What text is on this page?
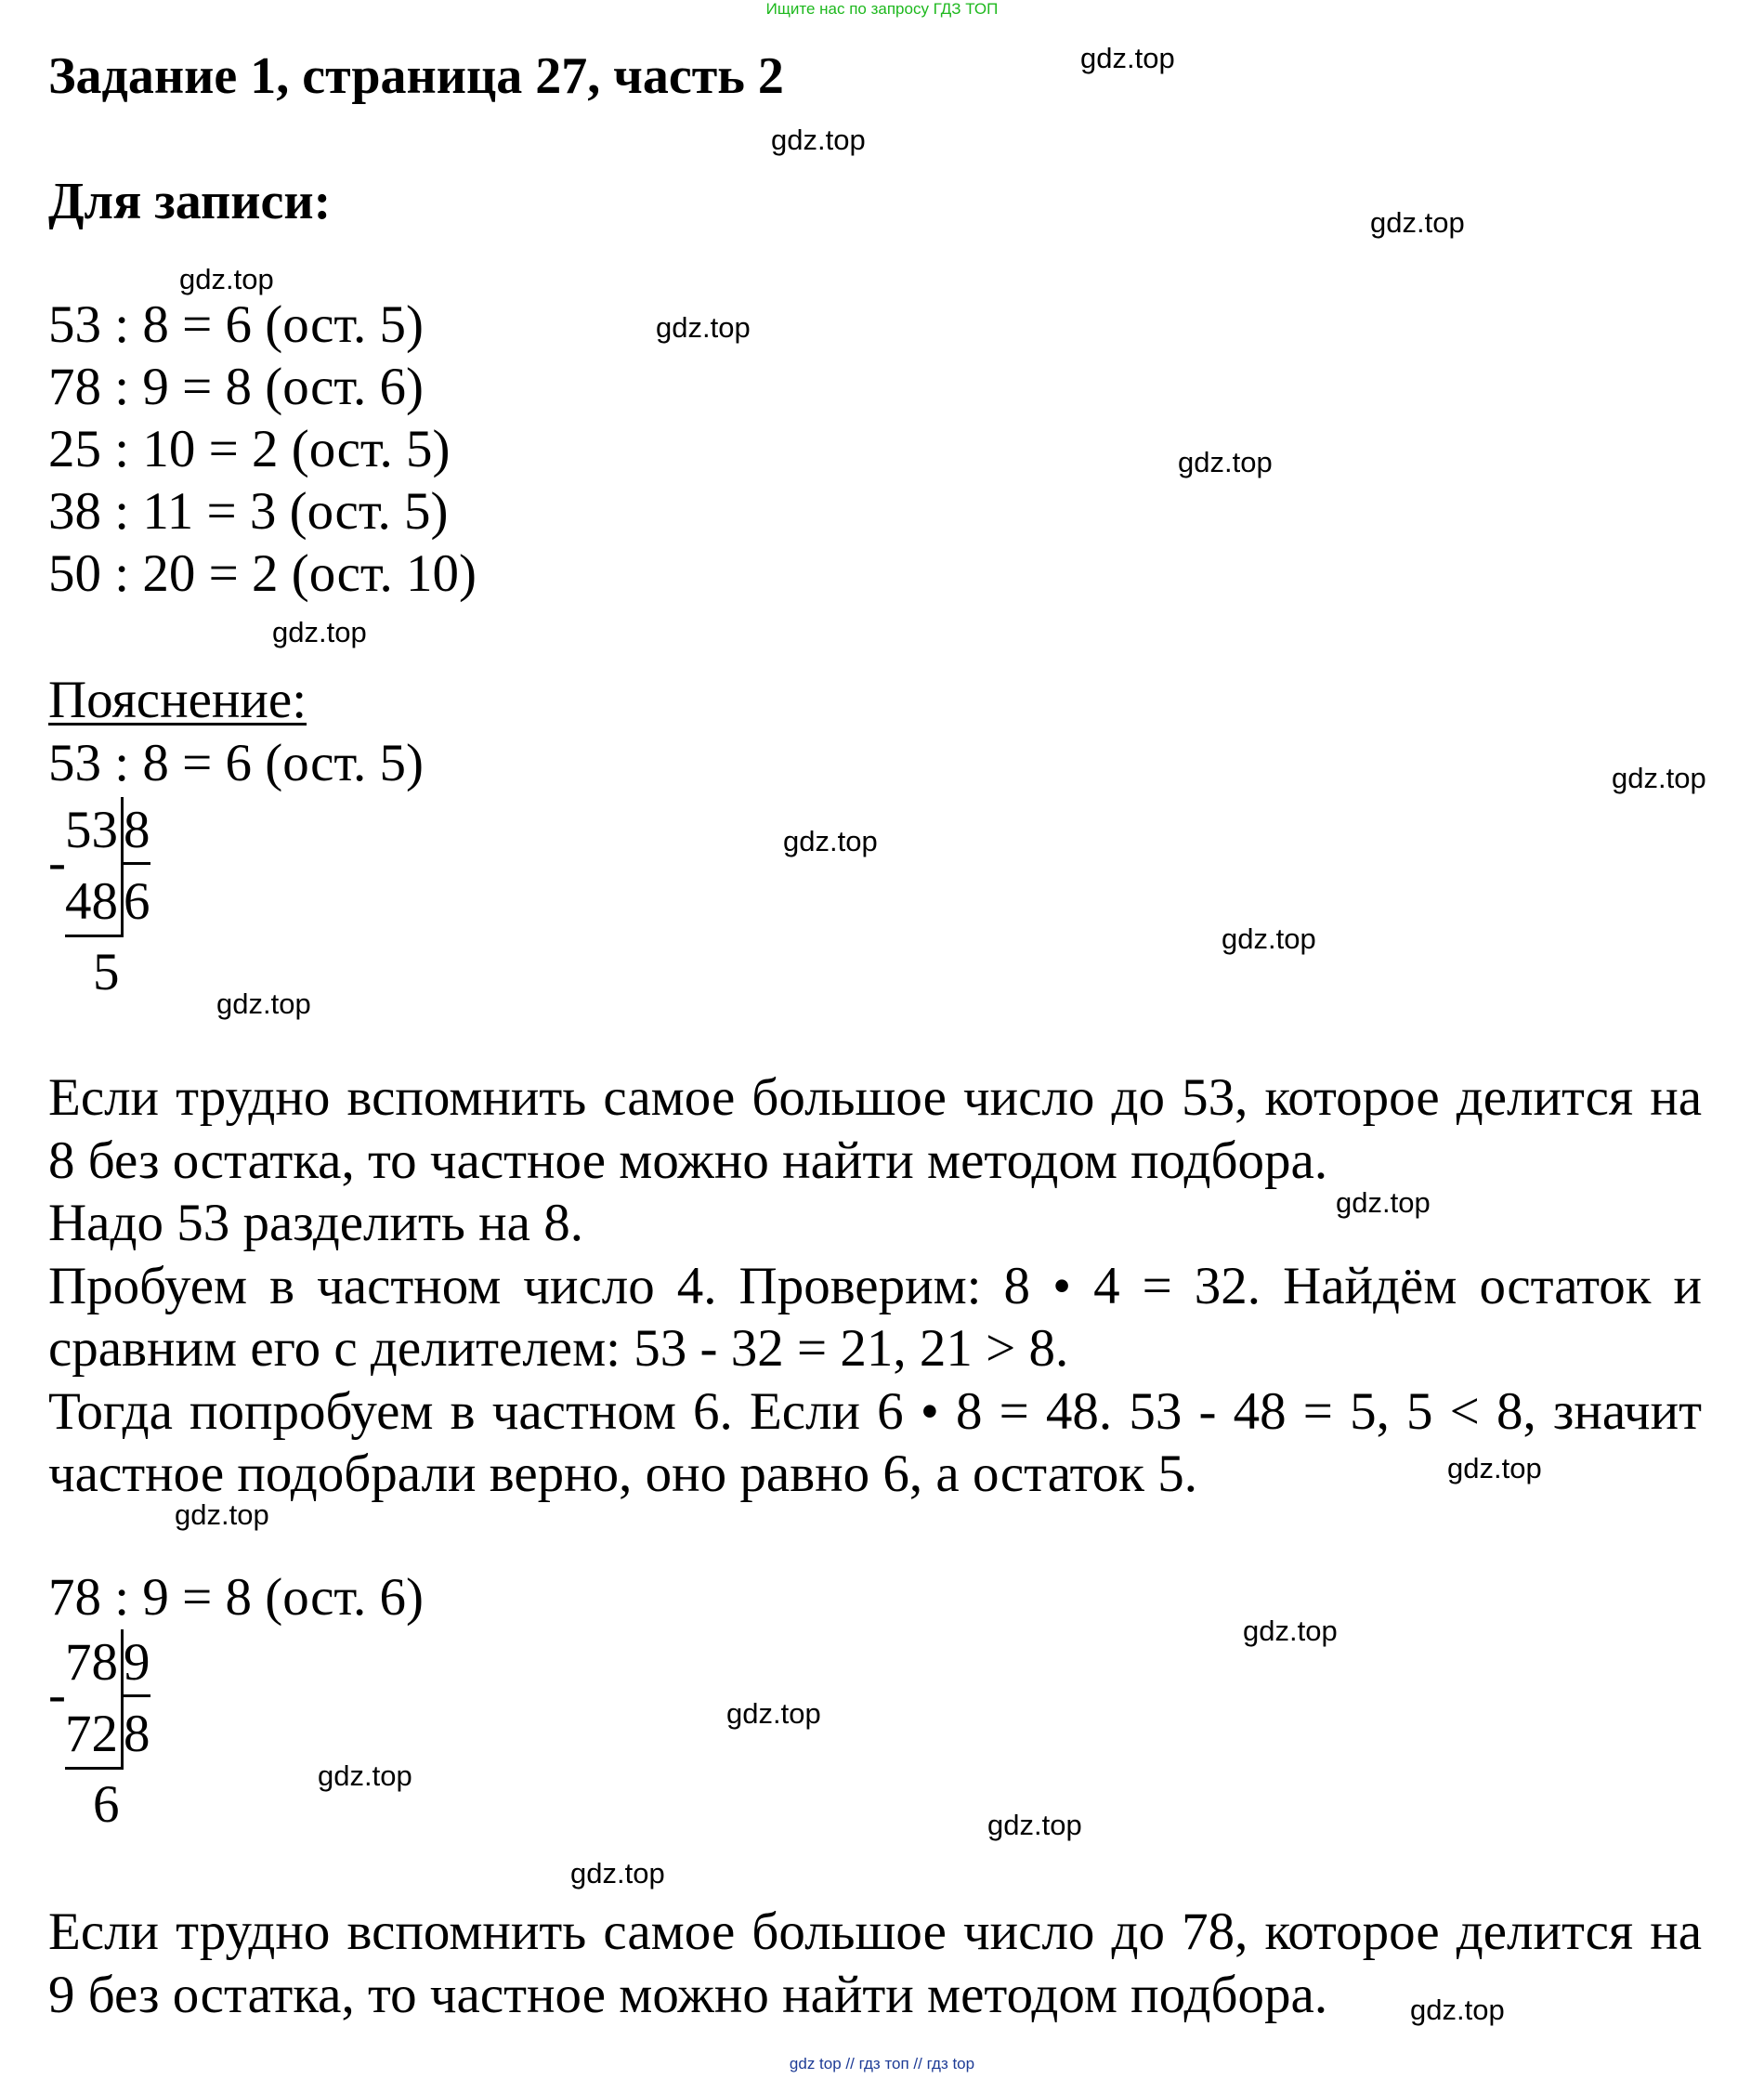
Ищите нас по запросу ГДЗ ТОП
gdz top // гдз топ // гдз top
Задание 1, страница 27, часть 2
Для записи:
53 : 8 = 6 (ост. 5)
78 : 9 = 8 (ост. 6)
25 : 10 = 2 (ост. 5)
38 : 11 = 3 (ост. 5)
50 : 20 = 2 (ост. 10)
Пояснение:
53 : 8 = 6 (ост. 5)
53 8
-
48 6
5

Если трудно вспомнить самое большое число до 53, которое делится на 8 без остатка, то частное можно найти методом подбора.

Надо 53 разделить на 8.

Пробуем в частном число 4. Проверим: 8 • 4 = 32. Найдём остаток и сравним его с делителем: 53 - 32 = 21, 21 > 8.

Тогда попробуем в частном 6. Если 6 • 8 = 48. 53 - 48 = 5, 5 < 8, значит частное подобрали верно, оно равно 6, а остаток 5.

78 : 9 = 8 (ост. 6)
78 9
-
72 8
6

Если трудно вспомнить самое большое число до 78, которое делится на 9 без остатка, то частное можно найти методом подбора.

gdz.top
gdz.top
gdz.top
gdz.top
gdz.top
gdz.top
gdz.top
gdz.top
gdz.top
gdz.top
gdz.top
gdz.top
gdz.top
gdz.top
gdz.top
gdz.top
gdz.top
gdz.top
gdz.top
gdz.top
